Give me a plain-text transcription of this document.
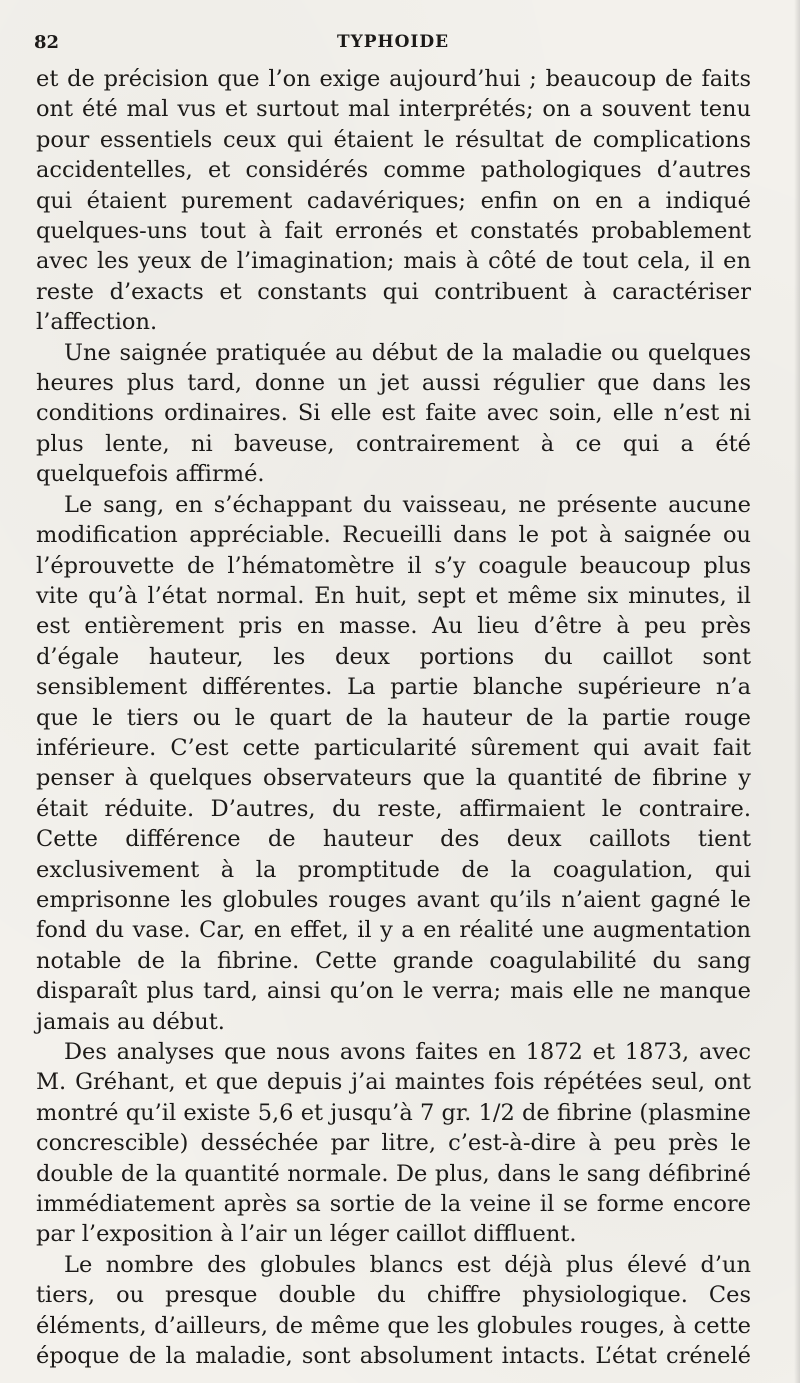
82	TYPHOIDE

et de précision que l’on exige aujourd’hui ; beaucoup de faits ont été mal vus et surtout mal interprétés; on a souvent tenu pour essentiels ceux qui étaient le résultat de complications accidentelles, et considérés comme pathologiques d’autres qui étaient purement cadavériques; enfin on en a indiqué quelques-uns tout à fait erronés et constatés probablement avec les yeux de l’imagination; mais à côté de tout cela, il en reste d’exacts et constants qui contribuent à caractériser l’affection.

Une saignée pratiquée au début de la maladie ou quelques heures plus tard, donne un jet aussi régulier que dans les conditions ordinaires. Si elle est faite avec soin, elle n’est ni plus lente, ni baveuse, contrairement à ce qui a été quelquefois affirmé.

Le sang, en s’échappant du vaisseau, ne présente aucune modification appréciable. Recueilli dans le pot à saignée ou l’éprouvette de l’hématomètre il s’y coagule beaucoup plus vite qu’à l’état normal. En huit, sept et même six minutes, il est entièrement pris en masse. Au lieu d’être à peu près d’égale hauteur, les deux portions du caillot sont sensiblement différentes. La partie blanche supérieure n’a que le tiers ou le quart de la hauteur de la partie rouge inférieure. C’est cette particularité sûrement qui avait fait penser à quelques observateurs que la quantité de fibrine y était réduite. D’autres, du reste, affirmaient le contraire. Cette différence de hauteur des deux caillots tient exclusivement à la promptitude de la coagulation, qui emprisonne les globules rouges avant qu’ils n’aient gagné le fond du vase. Car, en effet, il y a en réalité une augmentation notable de la fibrine. Cette grande coagulabilité du sang disparaît plus tard, ainsi qu’on le verra; mais elle ne manque jamais au début.

Des analyses que nous avons faites en 1872 et 1873, avec M. Gréhant, et que depuis j’ai maintes fois répétées seul, ont montré qu’il existe 5,6 et jusqu’à 7 gr. 1/2 de fibrine (plasmine concrescible) desséchée par litre, c’est-à-dire à peu près le double de la quantité normale. De plus, dans le sang défibriné immédiatement après sa sortie de la veine il se forme encore par l’exposition à l’air un léger caillot diffluent.

Le nombre des globules blancs est déjà plus élevé d’un tiers, ou presque double du chiffre physiologique. Ces éléments, d’ailleurs, de même que les globules rouges, à cette époque de la maladie, sont absolument intacts. L’état crénelé
